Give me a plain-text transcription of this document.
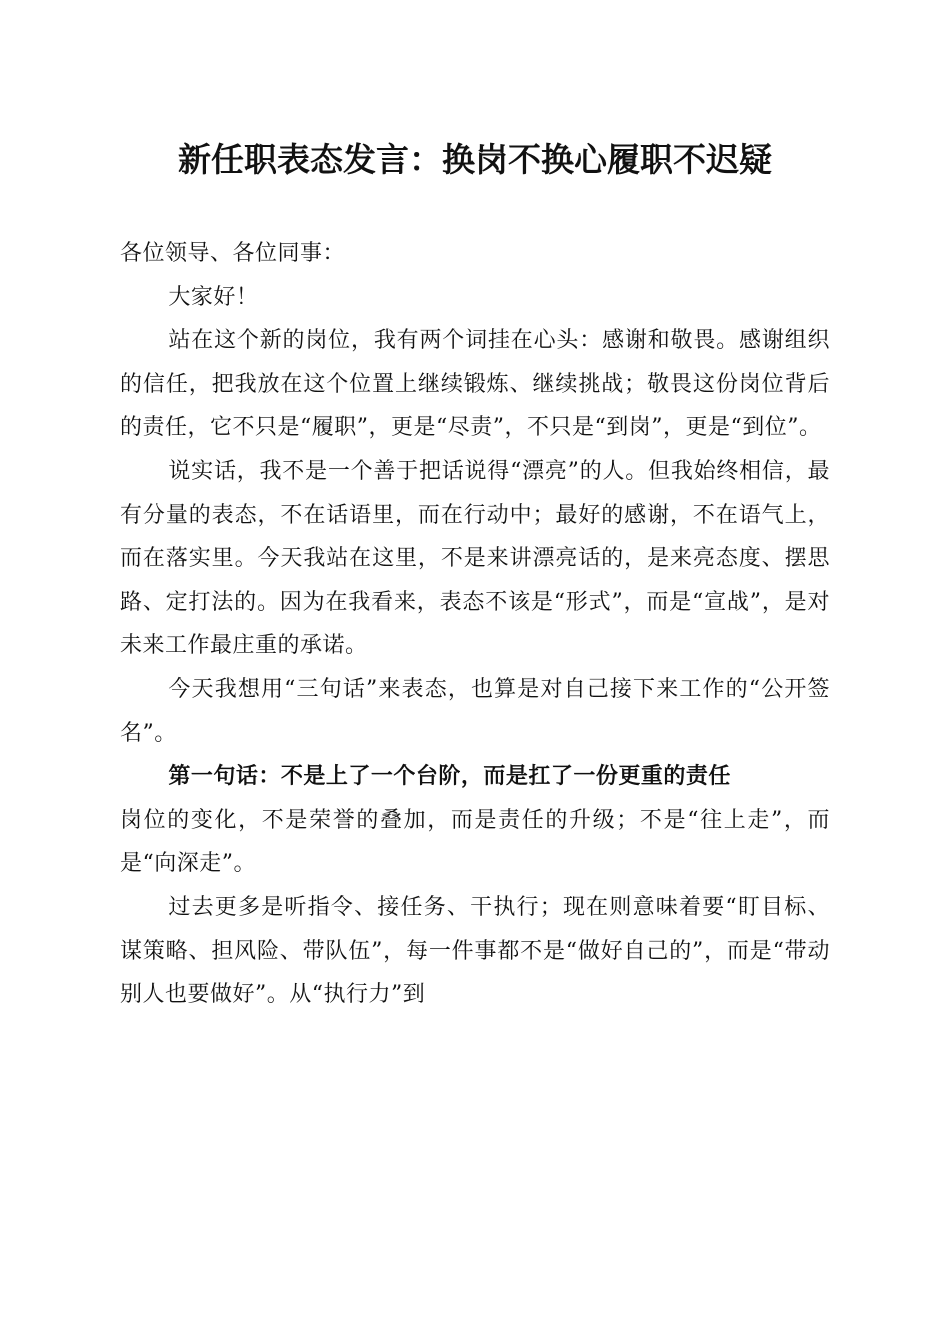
新任职表态发言：换岗不换心履职不迟疑

各位领导、各位同事：

大家好！

站在这个新的岗位，我有两个词挂在心头：感谢和敬畏。感谢组织的信任，把我放在这个位置上继续锻炼、继续挑战；敬畏这份岗位背后的责任，它不只是“履职”，更是“尽责”，不只是“到岗”，更是“到位”。

说实话，我不是一个善于把话说得“漂亮”的人。但我始终相信，最有分量的表态，不在话语里，而在行动中；最好的感谢，不在语气上，而在落实里。今天我站在这里，不是来讲漂亮话的，是来亮态度、摆思路、定打法的。因为在我看来，表态不该是“形式”，而是“宣战”，是对未来工作最庄重的承诺。

今天我想用“三句话”来表态，也算是对自己接下来工作的“公开签名”。

第一句话：不是上了一个台阶，而是扛了一份更重的责任

岗位的变化，不是荣誉的叠加，而是责任的升级；不是“往上走”，而是“向深走”。

过去更多是听指令、接任务、干执行；现在则意味着要“盯目标、谋策略、担风险、带队伍”，每一件事都不是“做好自己的”，而是“带动别人也要做好”。从“执行力”到
